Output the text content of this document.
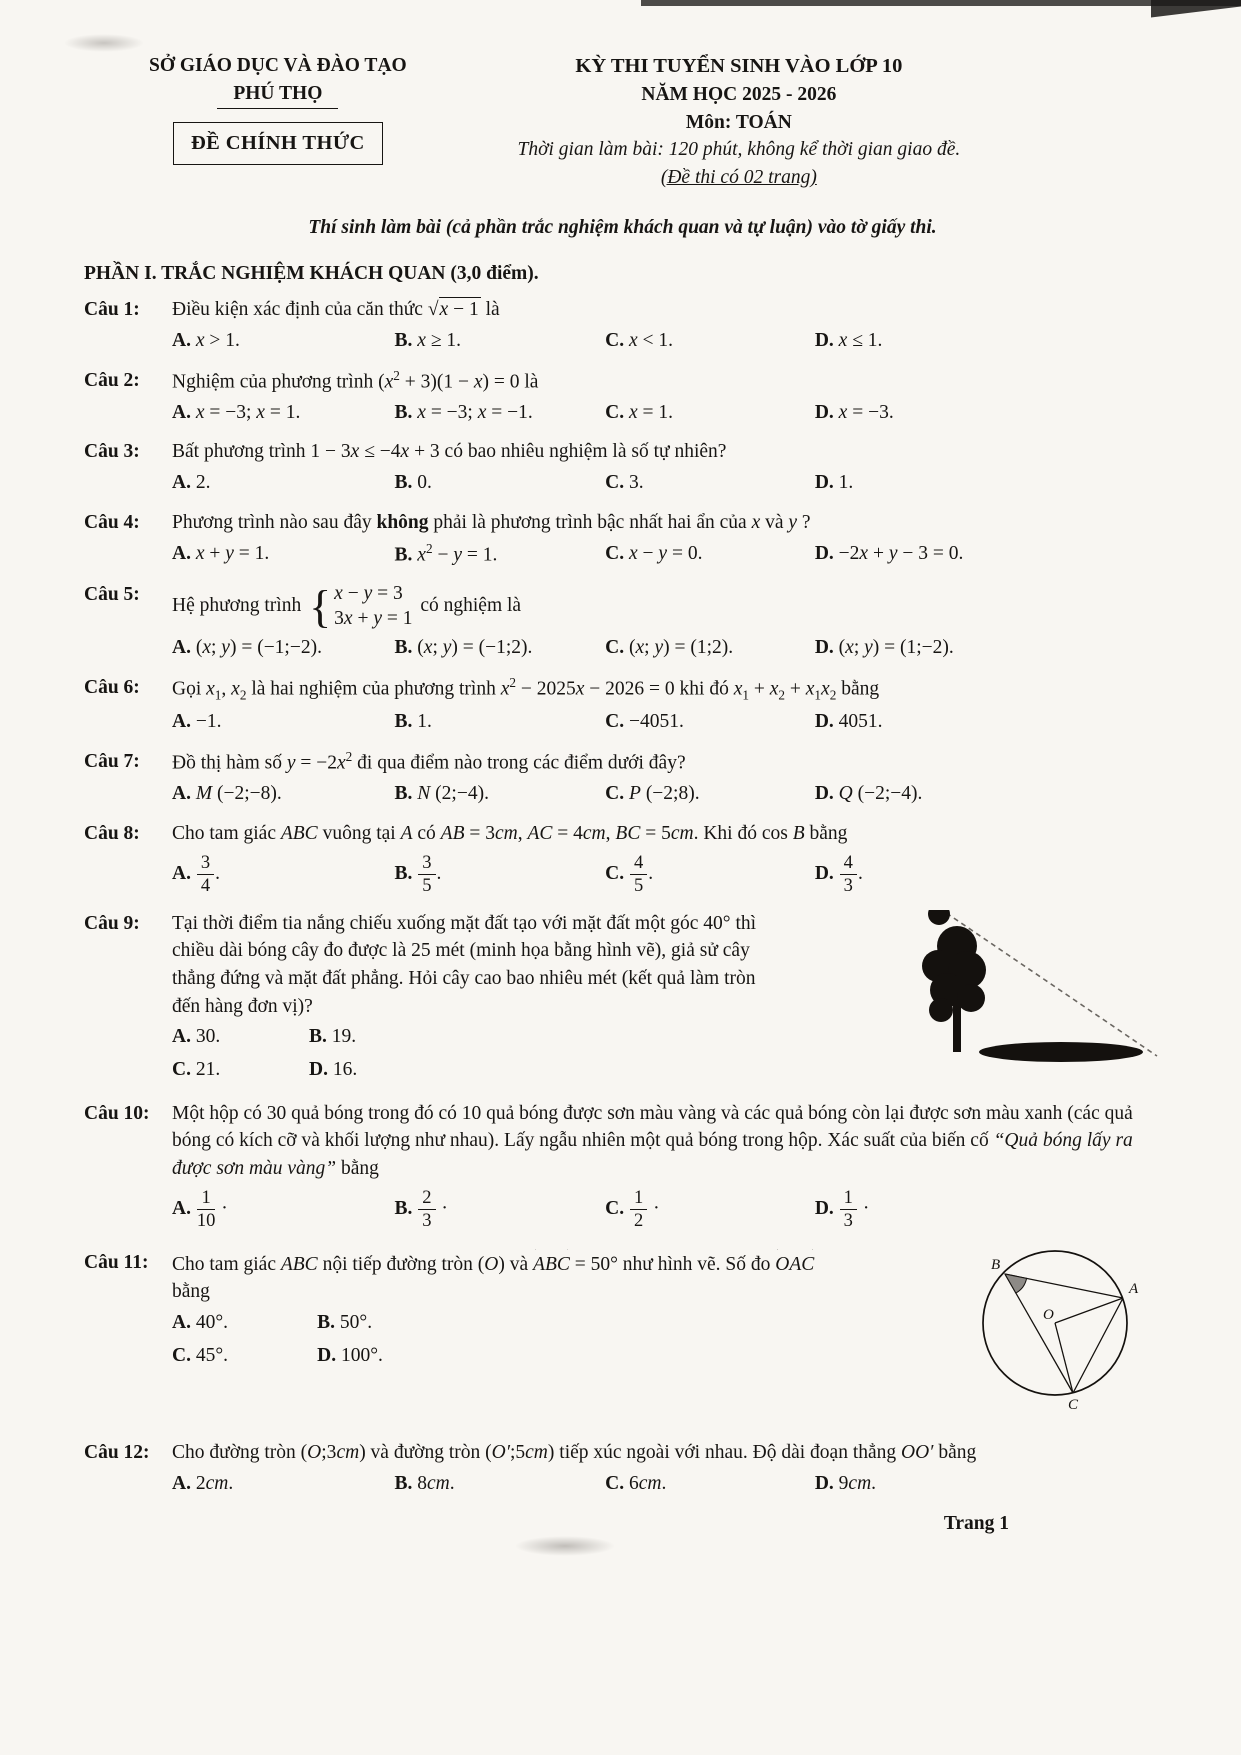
SỞ GIÁO DỤC VÀ ĐÀO TẠO
PHÚ THỌ
ĐỀ CHÍNH THỨC
KỲ THI TUYỂN SINH VÀO LỚP 10
NĂM HỌC 2025 - 2026
Môn: TOÁN
Thời gian làm bài: 120 phút, không kể thời gian giao đề.
(Đề thi có 02 trang)
Thí sinh làm bài (cả phần trắc nghiệm khách quan và tự luận) vào tờ giấy thi.
PHẦN I. TRẮC NGHIỆM KHÁCH QUAN (3,0 điểm).
Câu 1:	Điều kiện xác định của căn thức √x − 1 là
A. x > 1.	B. x ≥ 1.	C. x < 1.	D. x ≤ 1.
Câu 2:	Nghiệm của phương trình $(x^2 + 3)(1 - x) = 0$ là
A. x = −3; x = 1.	B. x = −3; x = −1.	C. x = 1.	D. x = −3.
Câu 3:	Bất phương trình 1 − 3x ≤ −4x + 3 có bao nhiêu nghiệm là số tự nhiên?
A. 2.	B. 0.	C. 3.	D. 1.
Câu 4:	Phương trình nào sau đây không phải là phương trình bậc nhất hai ẩn của x và y ?
A. x + y = 1.	B. $x^2 - y = 1$.	C. x − y = 0.	D. −2x + y − 3 = 0.
Câu 5:
Hệ phương trình { x − y = 3
3x + y = 1
có nghiệm là
A. (x; y) = (−1;−2).	B. (x; y) = (−1;2).	C. (x; y) = (1;2).	D. (x; y) = (1;−2).
Câu 6:	Gọi $x_1$, $x_2$ là hai nghiệm của phương trình $x^2 - 2025x - 2026 = 0$ khi đó $x_1 + x_2 + x_1x_2$ bằng
A. −1.	B. 1.	C. −4051.	D. 4051.
Câu 7:	Đồ thị hàm số $y = -2x^2$ đi qua điểm nào trong các điểm dưới đây?
A. M (−2;−8).	B. N (2;−4).	C. P (−2;8).	D. Q (−2;−4).
Câu 8:	Cho tam giác ABC vuông tại A có AB = 3cm, AC = 4cm, BC = 5cm. Khi đó cos B bằng
A. $\frac{3}{4}$ .	B. $\frac{3}{5}$ .	C. $\frac{4}{5}$ .	D. $\frac{4}{3}$ .
Câu 9:	Tại thời điểm tia nắng chiếu xuống mặt đất tạo với mặt đất một góc 40° thì chiều dài bóng cây đo được là 25 mét (minh họa bằng hình vẽ), giả sử cây thẳng đứng và mặt đất phẳng. Hỏi cây cao bao nhiêu mét (kết quả làm tròn đến hàng đơn vị)?
A. 30.	B. 19.
C. 21.	D. 16.
Câu 10:	Một hộp có 30 quả bóng trong đó có 10 quả bóng được sơn màu vàng và các quả bóng còn lại được sơn màu xanh (các quả bóng có kích cỡ và khối lượng như nhau). Lấy ngẫu nhiên một quả bóng trong hộp. Xác suất của biến cố “Quả bóng lấy ra được sơn màu vàng” bằng
A. $\frac{1}{10}$ ·	B. $\frac{2}{3}$ ·	C. $\frac{1}{2}$ ·	D. $\frac{1}{3}$ ·
Câu 11:	B
A
C
O
Cho tam giác ABC nội tiếp đường tròn (O) và ABC = 50° như hình vẽ. Số đo OAC bằng
A. 40°.	B. 50°.
C. 45°.	D. 100°.
Câu 12:	Cho đường tròn (O;3cm) và đường tròn (O′;5cm) tiếp xúc ngoài với nhau. Độ dài đoạn thẳng OO′ bằng
A. 2cm.	B. 8cm.	C. 6cm.	D. 9cm.
Trang 1
